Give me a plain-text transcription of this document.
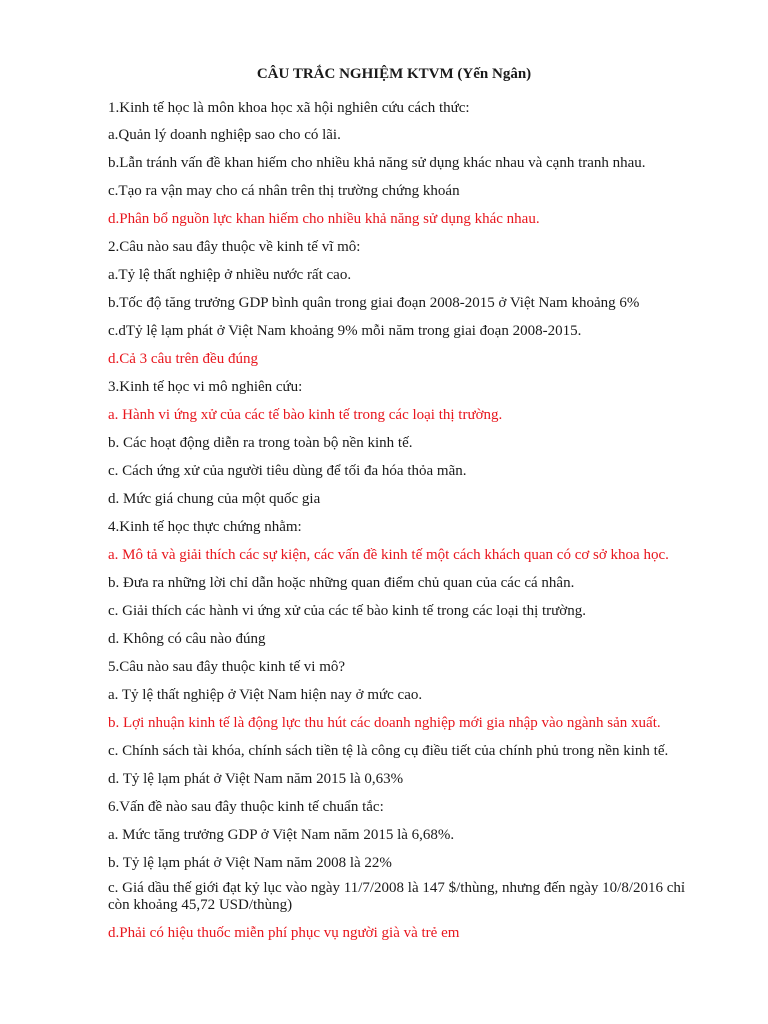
CÂU TRẮC NGHIỆM KTVM (Yến Ngân)
1.Kinh tế học là môn khoa học xã hội nghiên cứu cách thức:
a.Quản lý doanh nghiệp sao cho có lãi.
b.Lẫn tránh vấn đề khan hiếm cho nhiều khả năng sử dụng khác nhau và cạnh tranh nhau.
c.Tạo ra vận may cho cá nhân trên thị trường chứng khoán
d.Phân bổ nguồn lực khan hiếm cho nhiều khả năng sử dụng khác nhau.
2.Câu nào sau đây thuộc về kinh tế vĩ mô:
a.Tỷ lệ thất nghiệp ở nhiều nước rất cao.
b.Tốc độ tăng trưởng GDP bình quân trong giai đoạn 2008-2015 ở Việt Nam khoảng 6%
c.dTỷ lệ lạm phát ở Việt Nam khoảng 9% mỗi năm trong giai đoạn 2008-2015.
d.Cả 3 câu trên đều đúng
3.Kinh tế học vi mô nghiên cứu:
a. Hành vi ứng xử của các tế bào kinh tế trong các loại thị trường.
b. Các hoạt động diễn ra trong toàn bộ nền kinh tế.
c. Cách ứng xử của người tiêu dùng để tối đa hóa thỏa mãn.
d. Mức giá chung của một quốc gia
4.Kinh tế học thực chứng nhằm:
a. Mô tả và giải thích các sự kiện, các vấn đề kinh tế một cách khách quan có cơ sở khoa học.
b. Đưa ra những lời chỉ dẫn hoặc những quan điểm chủ quan của các cá nhân.
c. Giải thích các hành vi ứng xử của các tế bào kinh tế trong các loại thị trường.
d. Không có câu nào đúng
5.Câu nào sau đây thuộc kinh tế vi mô?
a. Tỷ lệ thất nghiệp ở Việt Nam hiện nay ở mức cao.
b. Lợi nhuận kinh tế là động lực thu hút các doanh nghiệp mới gia nhập vào ngành sản xuất.
c. Chính sách tài khóa, chính sách tiền tệ là công cụ điều tiết của chính phủ trong nền kinh tế.
d. Tỷ lệ lạm phát ở Việt Nam năm 2015 là 0,63%
6.Vấn đề nào sau đây thuộc kinh tế chuẩn tắc:
a. Mức tăng trưởng GDP ở Việt Nam năm 2015 là 6,68%.
b. Tỷ lệ lạm phát ở Việt Nam năm 2008 là 22%
c. Giá dầu thế giới đạt kỷ lục vào ngày 11/7/2008 là 147 $/thùng, nhưng đến ngày 10/8/2016 chỉ còn khoảng 45,72 USD/thùng)
d.Phải có hiệu thuốc miễn phí phục vụ người già và trẻ em
